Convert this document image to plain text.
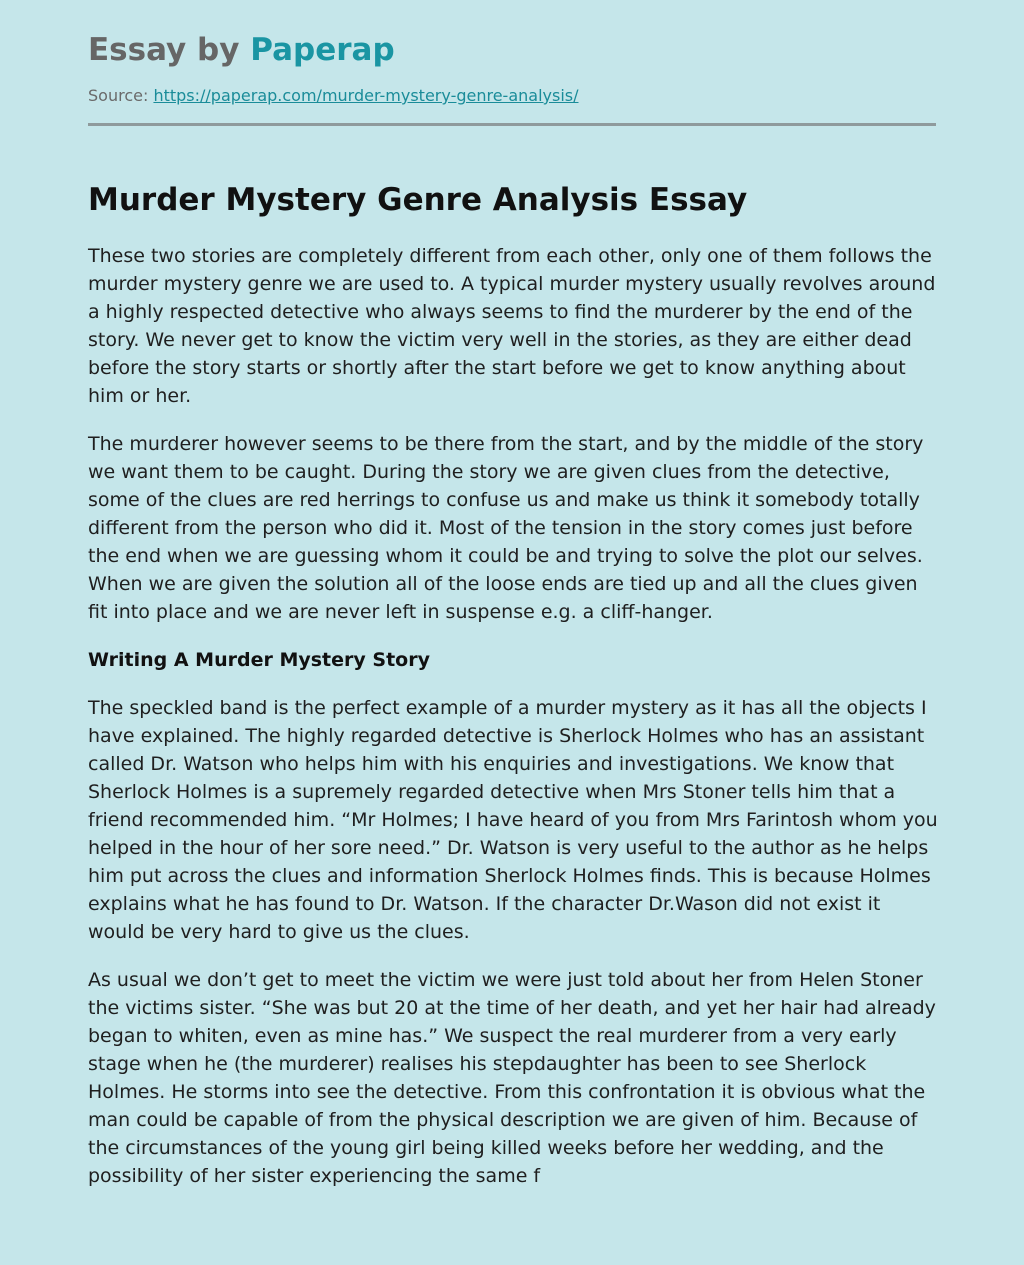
Essay by Paperap
Source: https://paperap.com/murder-mystery-genre-analysis/
Murder Mystery Genre Analysis Essay

These two stories are completely different from each other, only one of them follows the murder mystery genre we are used to. A typical murder mystery usually revolves around a highly respected detective who always seems to find the murderer by the end of the story. We never get to know the victim very well in the stories, as they are either dead before the story starts or shortly after the start before we get to know anything about him or her.

The murderer however seems to be there from the start, and by the middle of the story we want them to be caught. During the story we are given clues from the detective, some of the clues are red herrings to confuse us and make us think it somebody totally different from the person who did it. Most of the tension in the story comes just before the end when we are guessing whom it could be and trying to solve the plot our selves. When we are given the solution all of the loose ends are tied up and all the clues given fit into place and we are never left in suspense e.g. a cliff-hanger.

Writing A Murder Mystery Story

The speckled band is the perfect example of a murder mystery as it has all the objects I have explained. The highly regarded detective is Sherlock Holmes who has an assistant called Dr. Watson who helps him with his enquiries and investigations. We know that Sherlock Holmes is a supremely regarded detective when Mrs Stoner tells him that a friend recommended him. “Mr Holmes; I have heard of you from Mrs Farintosh whom you helped in the hour of her sore need.” Dr. Watson is very useful to the author as he helps him put across the clues and information Sherlock Holmes finds. This is because Holmes explains what he has found to Dr. Watson. If the character Dr.Wason did not exist it would be very hard to give us the clues.

As usual we don’t get to meet the victim we were just told about her from Helen Stoner the victims sister. “She was but 20 at the time of her death, and yet her hair had already began to whiten, even as mine has.” We suspect the real murderer from a very early stage when he (the murderer) realises his stepdaughter has been to see Sherlock Holmes. He storms into see the detective. From this confrontation it is obvious what the man could be capable of from the physical description we are given of him. Because of the circumstances of the young girl being killed weeks before her wedding, and the possibility of her sister experiencing the same f
